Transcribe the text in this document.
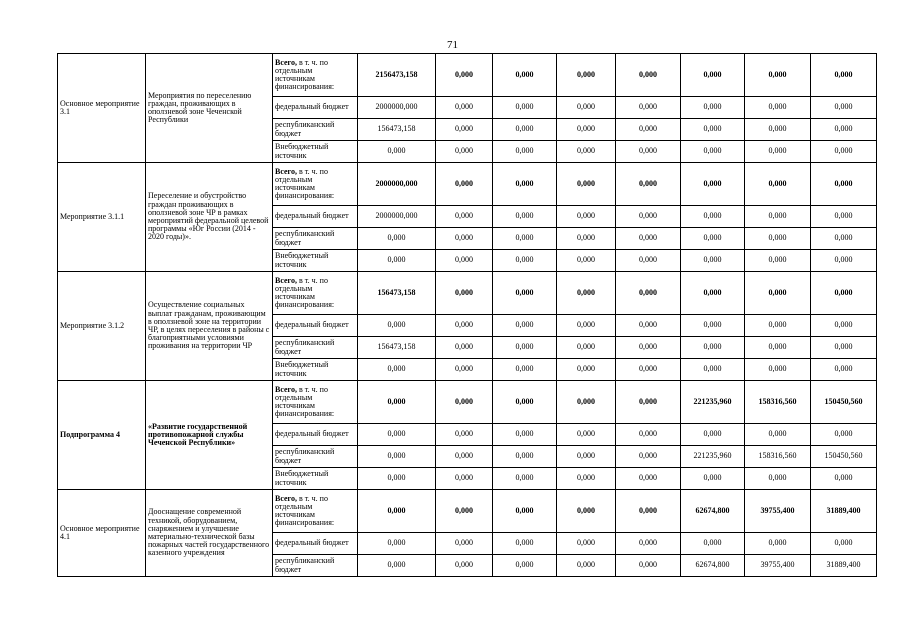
71
Основное мероприятие 3.1	Мероприятия по переселению граждан, проживающих в оползневой зоне Чеченской Республики	Всего, в т. ч. по
отдельным
источникам
финансирования:	2156473,158	0,000	0,000	0,000	0,000	0,000	0,000	0,000
		федеральный бюджет	2000000,000	0,000	0,000	0,000	0,000	0,000	0,000	0,000
		республиканский
бюджет	156473,158	0,000	0,000	0,000	0,000	0,000	0,000	0,000
		Внебюджетный
источник	0,000	0,000	0,000	0,000	0,000	0,000	0,000	0,000
Мероприятие 3.1.1	Переселение и обустройство граждан проживающих в оползневой зоне ЧР в рамках мероприятий федеральной целевой программы «Юг России (2014 - 2020 годы)».	Всего, в т. ч. по
отдельным
источникам
финансирования:	2000000,000	0,000	0,000	0,000	0,000	0,000	0,000	0,000
		федеральный бюджет	2000000,000	0,000	0,000	0,000	0,000	0,000	0,000	0,000
		республиканский
бюджет	0,000	0,000	0,000	0,000	0,000	0,000	0,000	0,000
		Внебюджетный
источник	0,000	0,000	0,000	0,000	0,000	0,000	0,000	0,000
Мероприятие 3.1.2	Осуществление социальных выплат гражданам, проживающим в оползневой зоне на территории ЧР, в целях переселения в районы с благоприятными условиями проживания на территории ЧР	Всего, в т. ч. по
отдельным
источникам
финансирования:	156473,158	0,000	0,000	0,000	0,000	0,000	0,000	0,000
		федеральный бюджет	0,000	0,000	0,000	0,000	0,000	0,000	0,000	0,000
		республиканский
бюджет	156473,158	0,000	0,000	0,000	0,000	0,000	0,000	0,000
		Внебюджетный
источник	0,000	0,000	0,000	0,000	0,000	0,000	0,000	0,000
Подпрограмма 4	«Развитие государственной противопожарной службы Чеченской Республики»	Всего, в т. ч. по
отдельным
источникам
финансирования:	0,000	0,000	0,000	0,000	0,000	221235,960	158316,560	150450,560
		федеральный бюджет	0,000	0,000	0,000	0,000	0,000	0,000	0,000	0,000
		республиканский
бюджет	0,000	0,000	0,000	0,000	0,000	221235,960	158316,560	150450,560
		Внебюджетный
источник	0,000	0,000	0,000	0,000	0,000	0,000	0,000	0,000
Основное мероприятие 4.1	Дооснащение современной техникой, оборудованием, снаряжением и улучшение материально-технической базы пожарных частей государственного казенного учреждения	Всего, в т. ч. по
отдельным
источникам
финансирования:	0,000	0,000	0,000	0,000	0,000	62674,800	39755,400	31889,400
		федеральный бюджет	0,000	0,000	0,000	0,000	0,000	0,000	0,000	0,000
		республиканский
бюджет	0,000	0,000	0,000	0,000	0,000	62674,800	39755,400	31889,400
